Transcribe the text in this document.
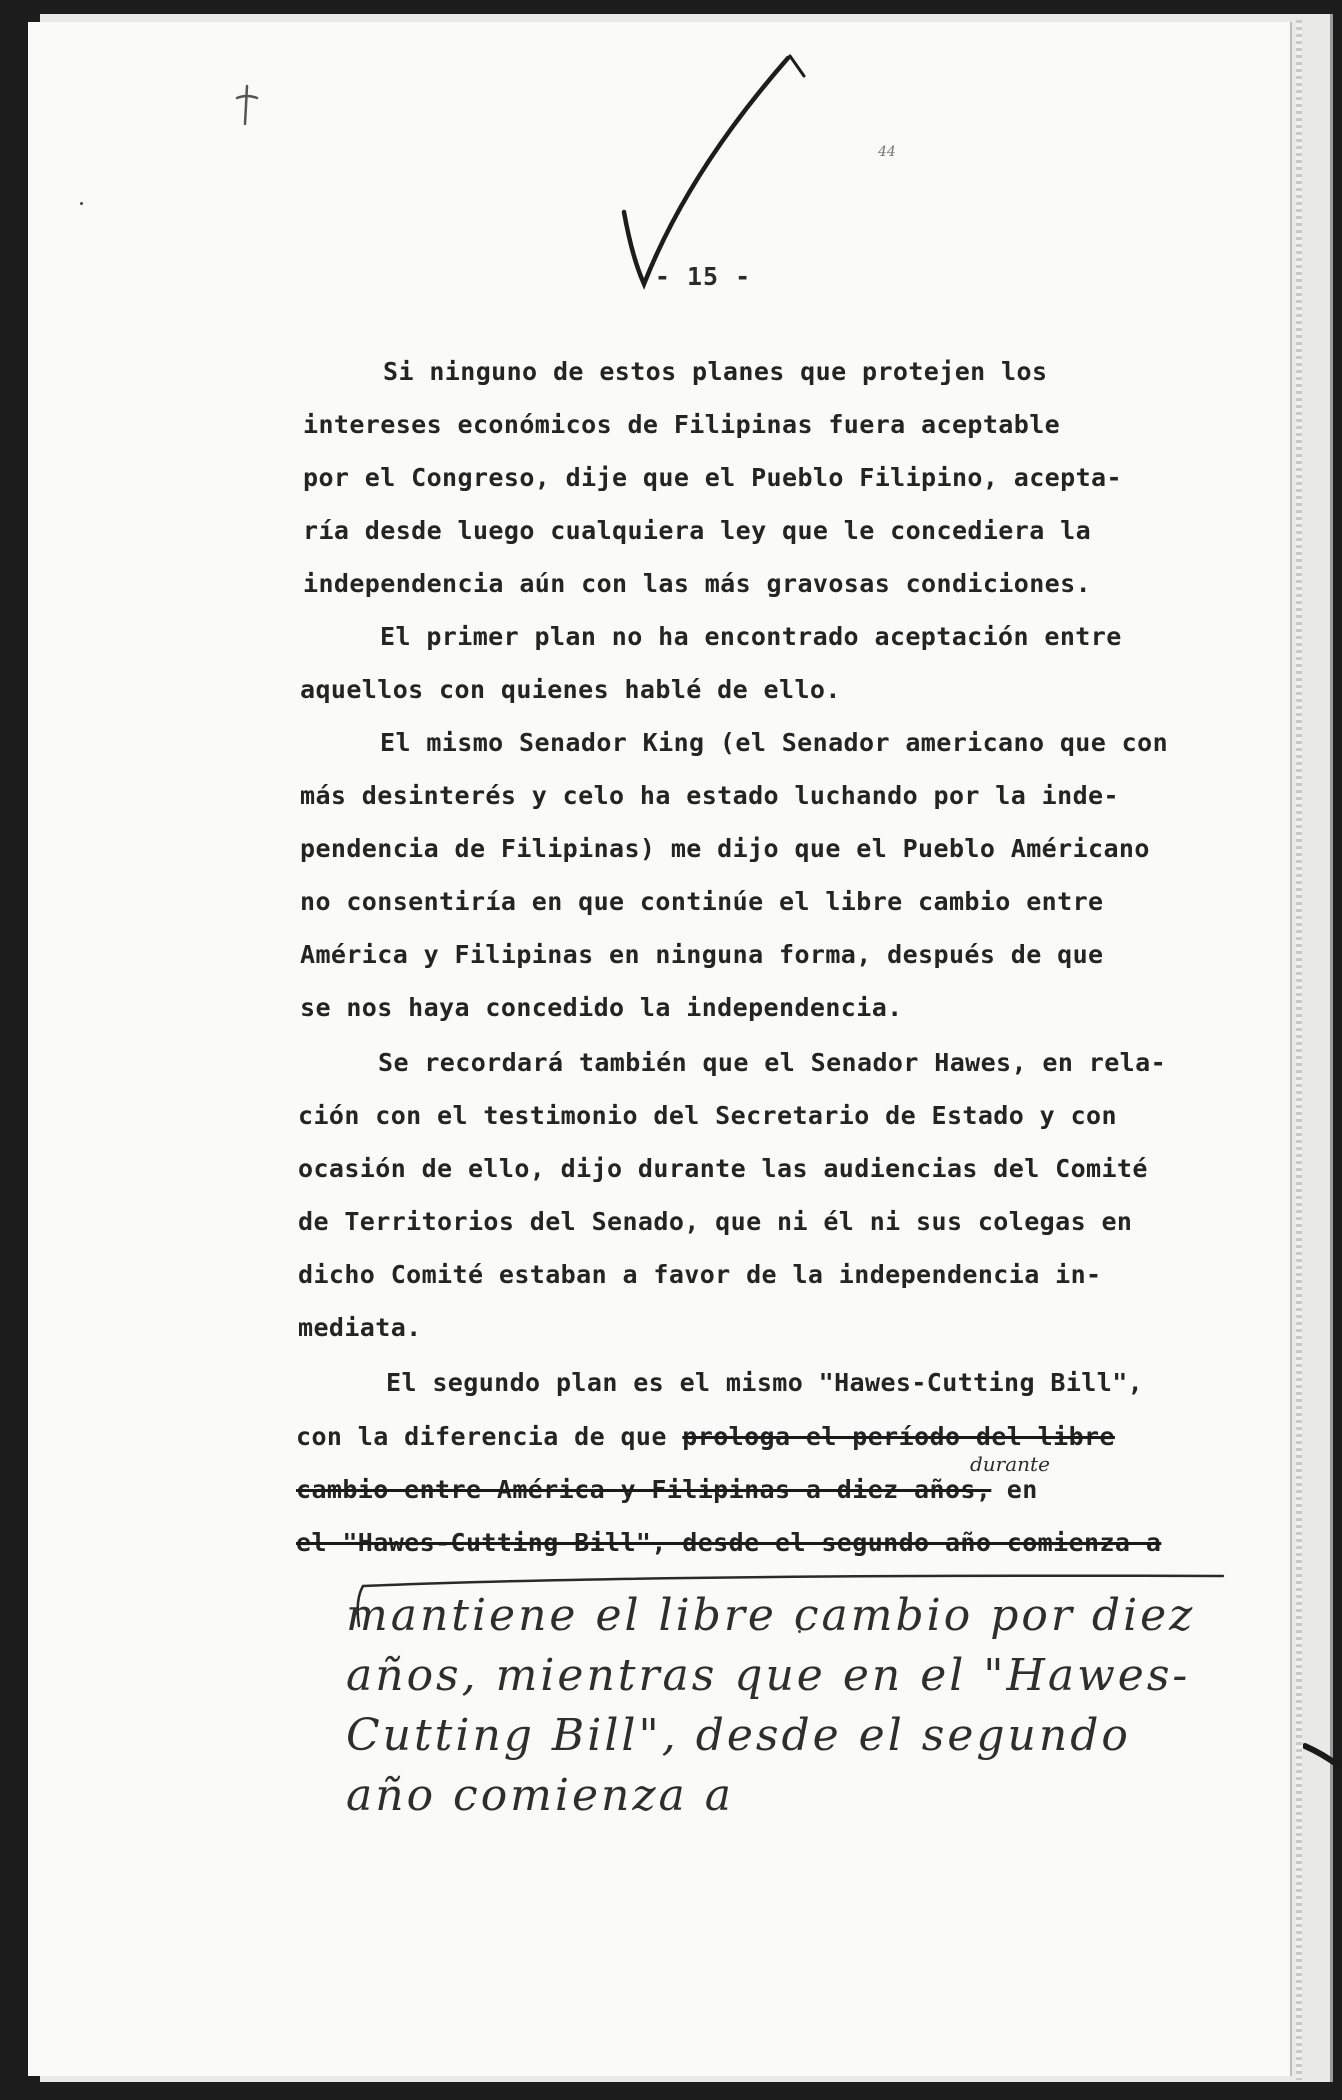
44
- 15 -
Si ninguno de estos planes que protejen los
intereses económicos de Filipinas fuera aceptable
por el Congreso, dije que el Pueblo Filipino, acepta-
ría desde luego cualquiera ley que le concediera la
independencia aún con las más gravosas condiciones.
El primer plan no ha encontrado aceptación entre
aquellos con quienes hablé de ello.
El mismo Senador King (el Senador americano que con
más desinterés y celo ha estado luchando por la inde-
pendencia de Filipinas) me dijo que el Pueblo Américano
no consentiría en que continúe el libre cambio entre
América y Filipinas en ninguna forma, después de que
se nos haya concedido la independencia.
Se recordará también que el Senador Hawes, en rela-
ción con el testimonio del Secretario de Estado y con
ocasión de ello, dijo durante las audiencias del Comité
de Territorios del Senado, que ni él ni sus colegas en
dicho Comité estaban a favor de la independencia in-
mediata.
El segundo plan es el mismo "Hawes-Cutting Bill",
con la diferencia de que prologa el período del libre
durante
cambio entre América y Filipinas a diez años, en
el "Hawes-Cutting Bill", desde el segundo año comienza a
mantiene el libre cambio por diez
años, mientras que en el "Hawes-
Cutting Bill", desde el segundo
año comienza a
